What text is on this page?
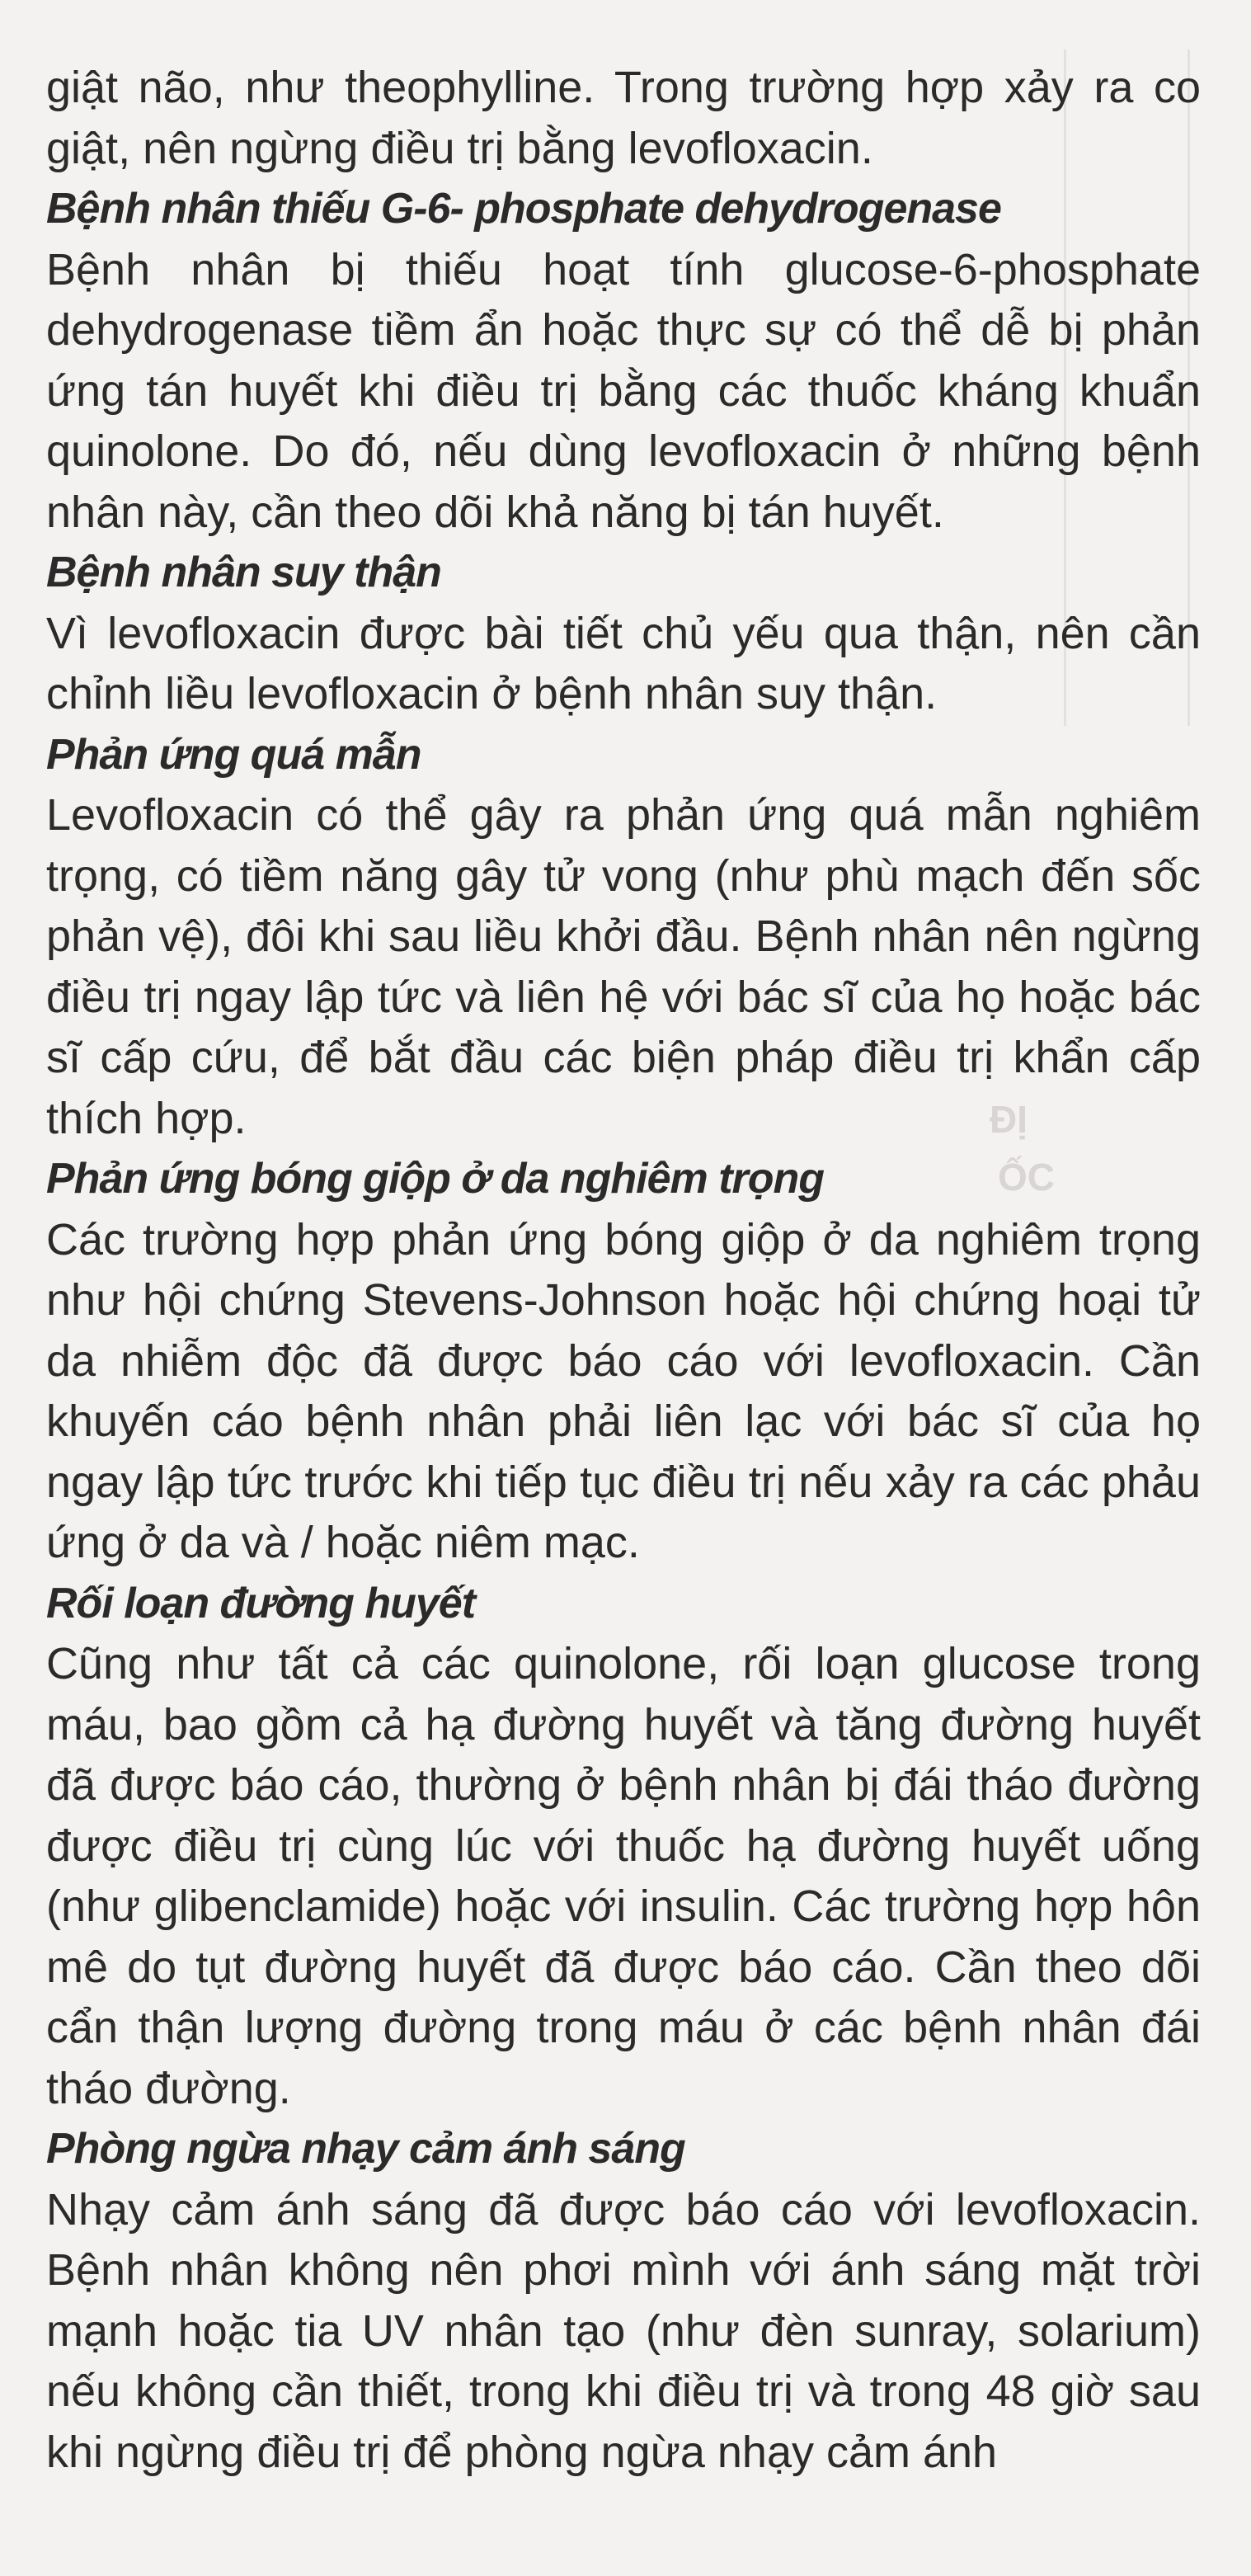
ĐỊ
ỐC

giật não, như theophylline. Trong trường hợp xảy ra co giật, nên ngừng điều trị bằng levofloxacin.

Bệnh nhân thiếu G-6- phosphate dehydrogenase

Bệnh nhân bị thiếu hoạt tính glucose-6-phosphate dehydrogenase tiềm ẩn hoặc thực sự có thể dễ bị phản ứng tán huyết khi điều trị bằng các thuốc kháng khuẩn quinolone. Do đó, nếu dùng levofloxacin ở những bệnh nhân này, cần theo dõi khả năng bị tán huyết.

Bệnh nhân suy thận

Vì levofloxacin được bài tiết chủ yếu qua thận, nên cần chỉnh liều levofloxacin ở bệnh nhân suy thận.

Phản ứng quá mẫn

Levofloxacin có thể gây ra phản ứng quá mẫn nghiêm trọng, có tiềm năng gây tử vong (như phù mạch đến sốc phản vệ), đôi khi sau liều khởi đầu. Bệnh nhân nên ngừng điều trị ngay lập tức và liên hệ với bác sĩ của họ hoặc bác sĩ cấp cứu, để bắt đầu các biện pháp điều trị khẩn cấp thích hợp.

Phản ứng bóng giộp ở da nghiêm trọng

Các trường hợp phản ứng bóng giộp ở da nghiêm trọng như hội chứng Stevens-Johnson hoặc hội chứng hoại tử da nhiễm độc đã được báo cáo với levofloxacin. Cần khuyến cáo bệnh nhân phải liên lạc với bác sĩ của họ ngay lập tức trước khi tiếp tục điều trị nếu xảy ra các phảu ứng ở da và / hoặc niêm mạc.

Rối loạn đường huyết

Cũng như tất cả các quinolone, rối loạn glucose trong máu, bao gồm cả hạ đường huyết và tăng đường huyết đã được báo cáo, thường ở bệnh nhân bị đái tháo đường được điều trị cùng lúc với thuốc hạ đường huyết uống (như glibenclamide) hoặc với insulin. Các trường hợp hôn mê do tụt đường huyết đã được báo cáo. Cần theo dõi cẩn thận lượng đường trong máu ở các bệnh nhân đái tháo đường.

Phòng ngừa nhạy cảm ánh sáng

Nhạy cảm ánh sáng đã được báo cáo với levofloxacin. Bệnh nhân không nên phơi mình với ánh sáng mặt trời mạnh hoặc tia UV nhân tạo (như đèn sunray, solarium) nếu không cần thiết, trong khi điều trị và trong 48 giờ sau khi ngừng điều trị để phòng ngừa nhạy cảm ánh
